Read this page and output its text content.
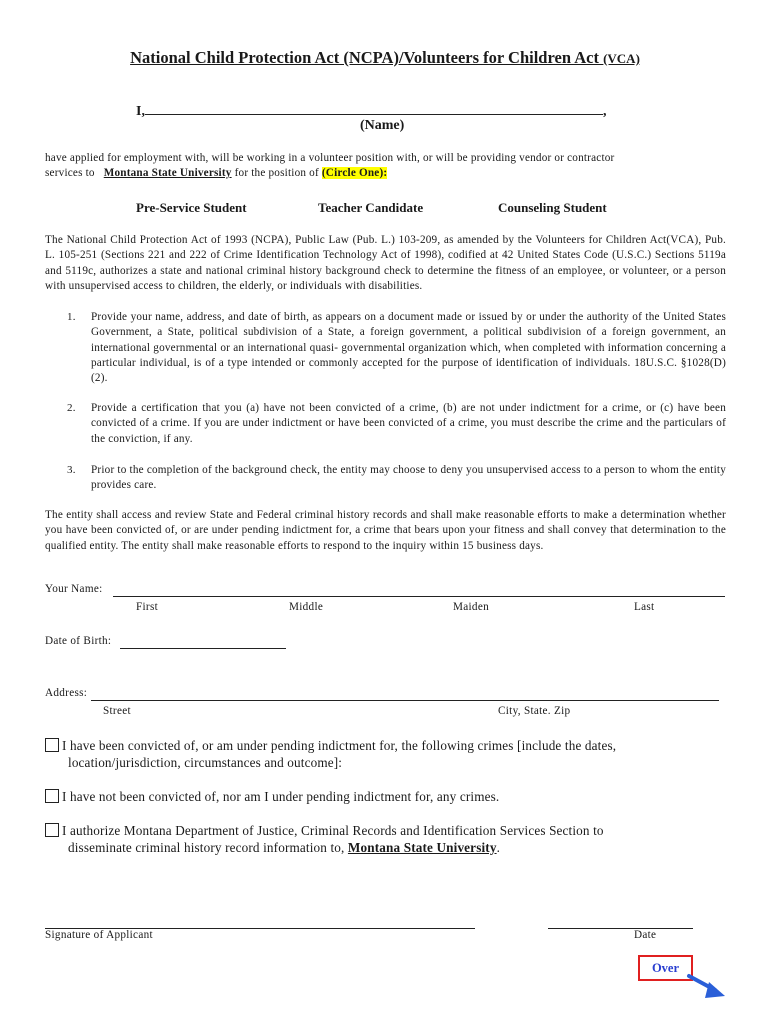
National Child Protection Act (NCPA)/Volunteers for Children Act (VCA)
I,	,
(Name)
have applied for employment with, will be working in a volunteer position with, or will be providing vendor or contractor
services to Montana State University for the position of (Circle One):
Pre-Service Student	Teacher Candidate	Counseling Student
The National Child Protection Act of 1993 (NCPA), Public Law (Pub. L.) 103-209, as amended by the Volunteers for Children Act(VCA), Pub. L. 105-251 (Sections 221 and 222 of Crime Identification Technology Act of 1998), codified at 42 United States Code (U.S.C.) Sections 5119a and 5119c, authorizes a state and national criminal history background check to determine the fitness of an employee, or volunteer, or a person with unsupervised access to children, the elderly, or individuals with disabilities.
1. Provide your name, address, and date of birth, as appears on a document made or issued by or under the authority of the United States Government, a State, political subdivision of a State, a foreign government, a political subdivision of a foreign government, an international governmental or an international quasi- governmental organization which, when completed with information concerning a particular individual, is of a type intended or commonly accepted for the purpose of identification of individuals. 18U.S.C. §1028(D)(2).
2. Provide a certification that you (a) have not been convicted of a crime, (b) are not under indictment for a crime, or (c) have been convicted of a crime. If you are under indictment or have been convicted of a crime, you must describe the crime and the particulars of the conviction, if any.
3. Prior to the completion of the background check, the entity may choose to deny you unsupervised access to a person to whom the entity provides care.
The entity shall access and review State and Federal criminal history records and shall make reasonable efforts to make a determination whether you have been convicted of, or are under pending indictment for, a crime that bears upon your fitness and shall convey that determination to the qualified entity. The entity shall make reasonable efforts to respond to the inquiry within 15 business days.
Your Name:
First	Middle	Maiden	Last
Date of Birth:
Address:
Street	City, State. Zip
I have been convicted of, or am under pending indictment for, the following crimes [include the dates,
location/jurisdiction, circumstances and outcome]:
I have not been convicted of, nor am I under pending indictment for, any crimes.
I authorize Montana Department of Justice, Criminal Records and Identification Services Section to
disseminate criminal history record information to, Montana State University.
Signature of Applicant	Date
Over
